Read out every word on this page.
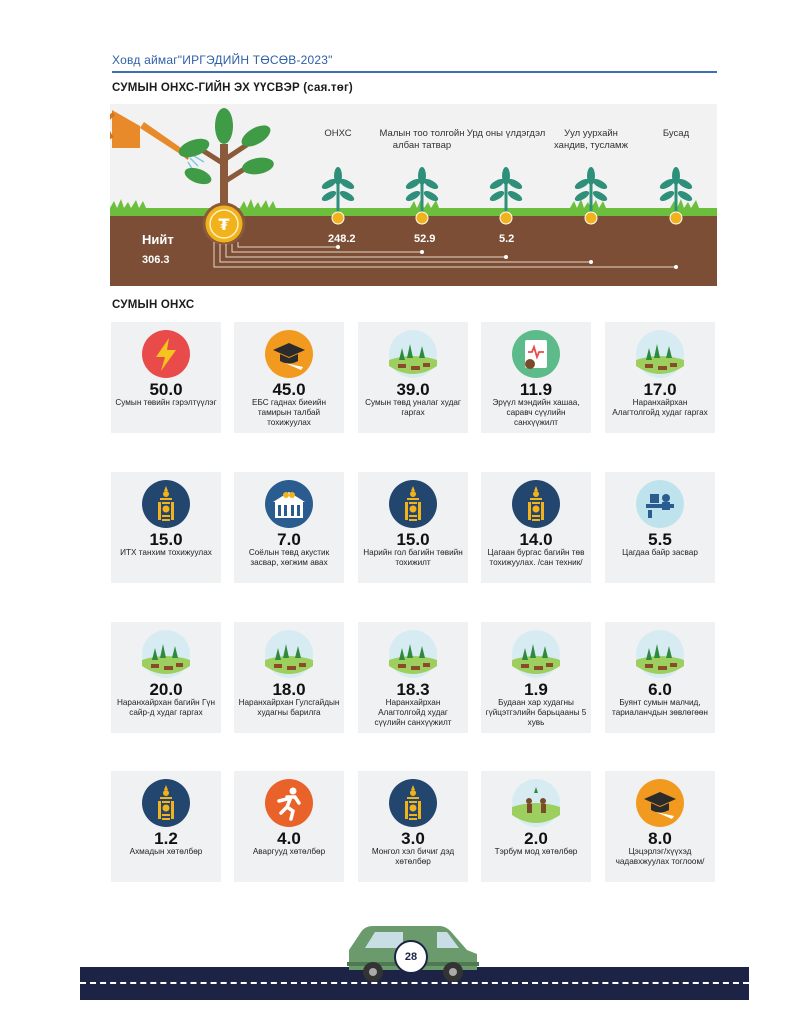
Ховд аймаг"ИРГЭДИЙН ТӨСӨВ-2023"
СУМЫН ОНХС-ГИЙН ЭХ ҮҮСВЭР (сая.төг)
₮
ОНХС	Малын тоо толгойн албан татвар
Урд оны үлдэгдэл	Уул уурхайн хандив, тусламж
Бусад
248.2	52.9	5.2
Нийт
306.3
СУМЫН ОНХС
50.0
Сумын төвийн гэрэлтүүлэг
45.0
ЕБС гаднах биеийн тамирын талбай тохижуулах
39.0
Сумын төвд уналаг худаг гаргах
11.9
Эрүүл мэндийн хашаа, саравч сүүлийн санхүүжилт
17.0
Наранхайрхан Алагтолгойд худаг гаргах
15.0
ИТХ танхим тохижуулах
7.0
Соёлын төвд акустик засвар, хөгжим авах
15.0
Нарийн гол багийн төвийн тохижилт
14.0
Цагаан бургас багийн төв тохижуулах. /сан техник/
5.5
Цагдаа байр засвар
20.0
Наранхайрхан багийн Гүн сайр-д худаг гаргах
18.0
Наранхайрхан Гулсгайдын худагны барилга
18.3
Наранхайрхан Алагтолгойд худаг сүүлийн санхүүжилт
1.9
Будаан хар худагны гүйцэтгэлийн барьцааны 5 хувь
6.0
Буянт сумын малчид, тариаланчдын зөвлөгөөн
1.2
Ахмадын хөтөлбөр
4.0
Аваргууд хөтөлбөр
3.0
Монгол хэл бичиг дэд хөтөлбөр
2.0
Тэрбум мод хөтөлбөр
8.0
Цэцэрлэг/хүүхэд чадавхжуулах тоглоом/
28
